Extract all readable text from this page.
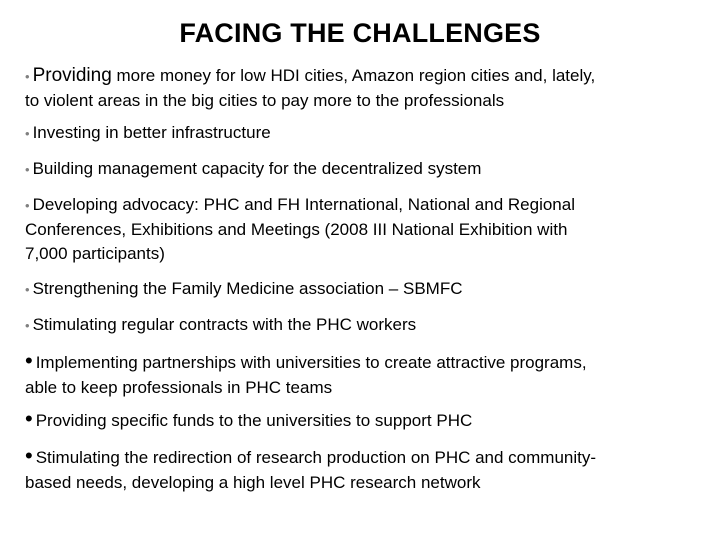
FACING THE CHALLENGES
• Providing more money for low HDI cities, Amazon region cities and, lately,
to violent areas in the big cities to pay more to the professionals
• Investing in better infrastructure
• Building management capacity for the decentralized system
• Developing advocacy: PHC and FH International, National and Regional
Conferences, Exhibitions and Meetings (2008 III National Exhibition with
7,000 participants)
• Strengthening the Family Medicine association – SBMFC
• Stimulating regular contracts with the PHC workers
• Implementing partnerships with universities to create attractive programs,
able to keep professionals in PHC teams
• Providing specific funds to the universities to support PHC
• Stimulating the redirection of research production on PHC and community-
based needs, developing a high level PHC research network
